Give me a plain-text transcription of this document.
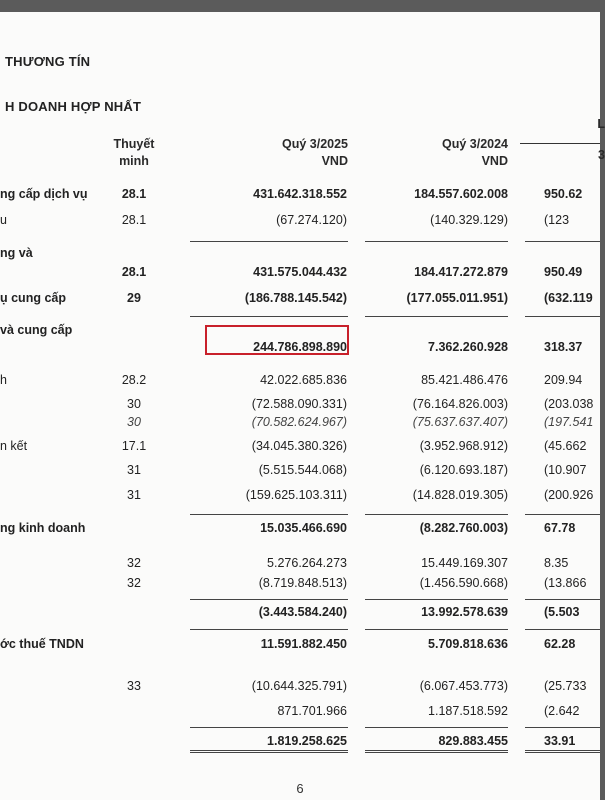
THƯƠNG TÍN
H DOANH HỢP NHẤT
Thuyết
minh
Quý 3/2025
VND
Quý 3/2024
VND
L
3
ng cấp dịch vụ	28.1	431.642.318.552	184.557.602.008	950.62
u	28.1	(67.274.120)	(140.329.129)	(123
ng và
28.1	431.575.044.432	184.417.272.879	950.49
ụ cung cấp	29	(186.788.145.542)	(177.055.011.951)	(632.119
và cung cấp
244.786.898.890	7.362.260.928	318.37
h	28.2	42.022.685.836	85.421.486.476	209.94
30	(72.588.090.331)	(76.164.826.003)	(203.038
30	(70.582.624.967)	(75.637.637.407)	(197.541
n kết	17.1	(34.045.380.326)	(3.952.968.912)	(45.662
31	(5.515.544.068)	(6.120.693.187)	(10.907
31	(159.625.103.311)	(14.828.019.305)	(200.926
ng kinh doanh	15.035.466.690	(8.282.760.003)	67.78
32	5.276.264.273	15.449.169.307	8.35
32	(8.719.848.513)	(1.456.590.668)	(13.866
(3.443.584.240)	13.992.578.639	(5.503
ớc thuế TNDN	11.591.882.450	5.709.818.636	62.28
33	(10.644.325.791)	(6.067.453.773)	(25.733
871.701.966	1.187.518.592	(2.642
1.819.258.625	829.883.455	33.91
6
